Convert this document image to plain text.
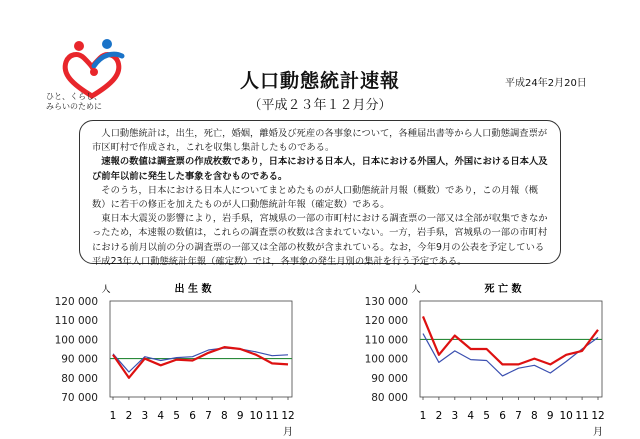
ひと、くらし、
みらいのために
人口動態統計速報
（平成２３年１２月分）
平成24年2月20日

人口動態統計は，出生，死亡，婚姻，離婚及び死産の各事象について，各種届出書等から人口動態調査票が市区町村で作成され，これを収集し集計したものである。

速報の数値は調査票の作成枚数であり，日本における日本人，日本における外国人，外国における日本人及び前年以前に発生した事象を含むものである。

そのうち，日本における日本人についてまとめたものが人口動態統計月報（概数）であり，この月報（概数）に若干の修正を加えたものが人口動態統計年報（確定数）である。

東日本大震災の影響により，岩手県，宮城県の一部の市町村における調査票の一部又は全部が収集できなかったため，本速報の数値は，これらの調査票の枚数は含まれていない。一方，岩手県，宮城県の一部の市町村における前月以前の分の調査票の一部又は全部の枚数が含まれている。なお，今年9月の公表を予定している平成23年人口動態統計年報（確定数）では，各事象の発生月別の集計を行う予定である。

出 生 数
人
120 000
110 000
100 000
90 000
80 000
70 000
1 2 3 4 5 6 7 8 9 10 11 12
月
死 亡 数
人
130 000
120 000
110 000
100 000
90 000
80 000
1 2 3 4 5 6 7 8 9 10 11 12
月
